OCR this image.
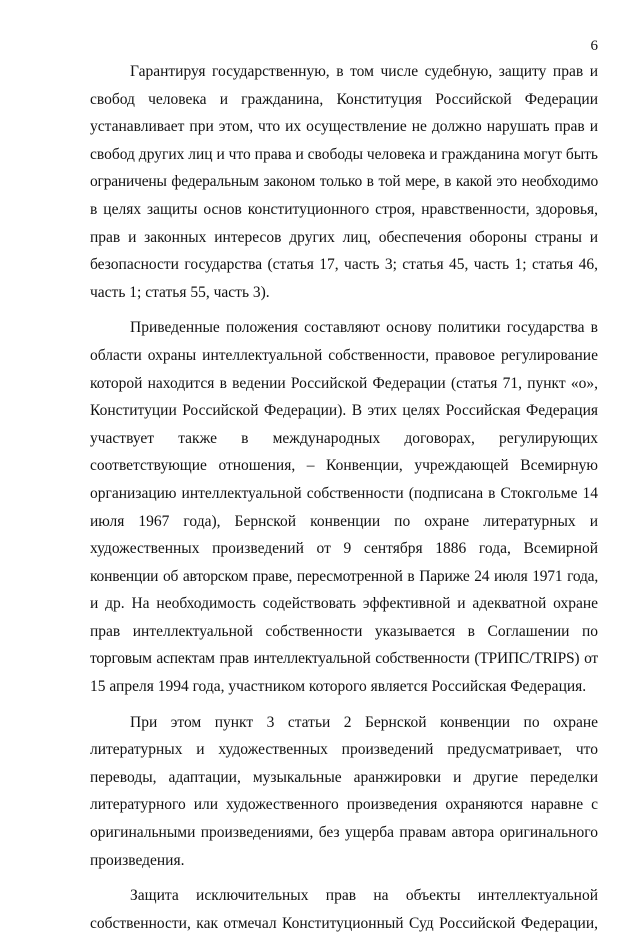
6

Гарантируя государственную, в том числе судебную, защиту прав и
свобод человека и гражданина, Конституция Российской Федерации
устанавливает при этом, что их осуществление не должно нарушать прав и
свобод других лиц и что права и свободы человека и гражданина могут быть
ограничены федеральным законом только в той мере, в какой это необходимо
в целях защиты основ конституционного строя, нравственности, здоровья,
прав и законных интересов других лиц, обеспечения обороны страны и
безопасности государства (статья 17, часть 3; статья 45, часть 1; статья 46,
часть 1; статья 55, часть 3).

Приведенные положения составляют основу политики государства в
области охраны интеллектуальной собственности, правовое регулирование
которой находится в ведении Российской Федерации (статья 71, пункт «о»,
Конституции Российской Федерации). В этих целях Российская Федерация
участвует также в международных договорах, регулирующих
соответствующие отношения, – Конвенции, учреждающей Всемирную
организацию интеллектуальной собственности (подписана в Стокгольме 14
июля 1967 года), Бернской конвенции по охране литературных и
художественных произведений от 9 сентября 1886 года, Всемирной
конвенции об авторском праве, пересмотренной в Париже 24 июля 1971 года,
и др. На необходимость содействовать эффективной и адекватной охране
прав интеллектуальной собственности указывается в Соглашении по
торговым аспектам прав интеллектуальной собственности (ТРИПС/TRIPS) от
15 апреля 1994 года, участником которого является Российская Федерация.

При этом пункт 3 статьи 2 Бернской конвенции по охране
литературных и художественных произведений предусматривает, что
переводы, адаптации, музыкальные аранжировки и другие переделки
литературного или художественного произведения охраняются наравне с
оригинальными произведениями, без ущерба правам автора оригинального
произведения.

Защита исключительных прав на объекты интеллектуальной
собственности, как отмечал Конституционный Суд Российской Федерации,
